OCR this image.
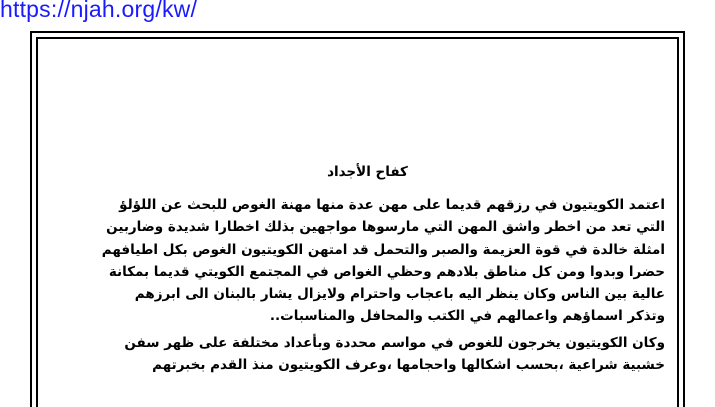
https://njah.org/kw/
كفاح الأجداد

اعتمد الكويتيون في رزقهم قديما على مهن عدة منها مهنة الغوص للبحث عن اللؤلؤ

التي تعد من اخطر واشق المهن التي مارسوها مواجهين بذلك اخطارا شديدة وضاربين

امثلة خالدة في قوة العزيمة والصبر والتحمل قد امتهن الكويتيون الغوص بكل اطيافهم

حضرا وبدوا ومن كل مناطق بلادهم وحظي الغواص في المجتمع الكويتي قديما بمكانة

عالية بين الناس وكان ينظر اليه باعجاب واحترام ولايزال يشار بالبنان الى ابرزهم

وتذكر اسماؤهم واعمالهم في الكتب والمحافل والمناسبات..

وكان الكويتيون يخرجون للغوص في مواسم محددة وبأعداد مختلفة على ظهر سفن

خشبية شراعية ،بحسب اشكالها واحجامها ،وعرف الكويتيون منذ القدم بخبرتهم
